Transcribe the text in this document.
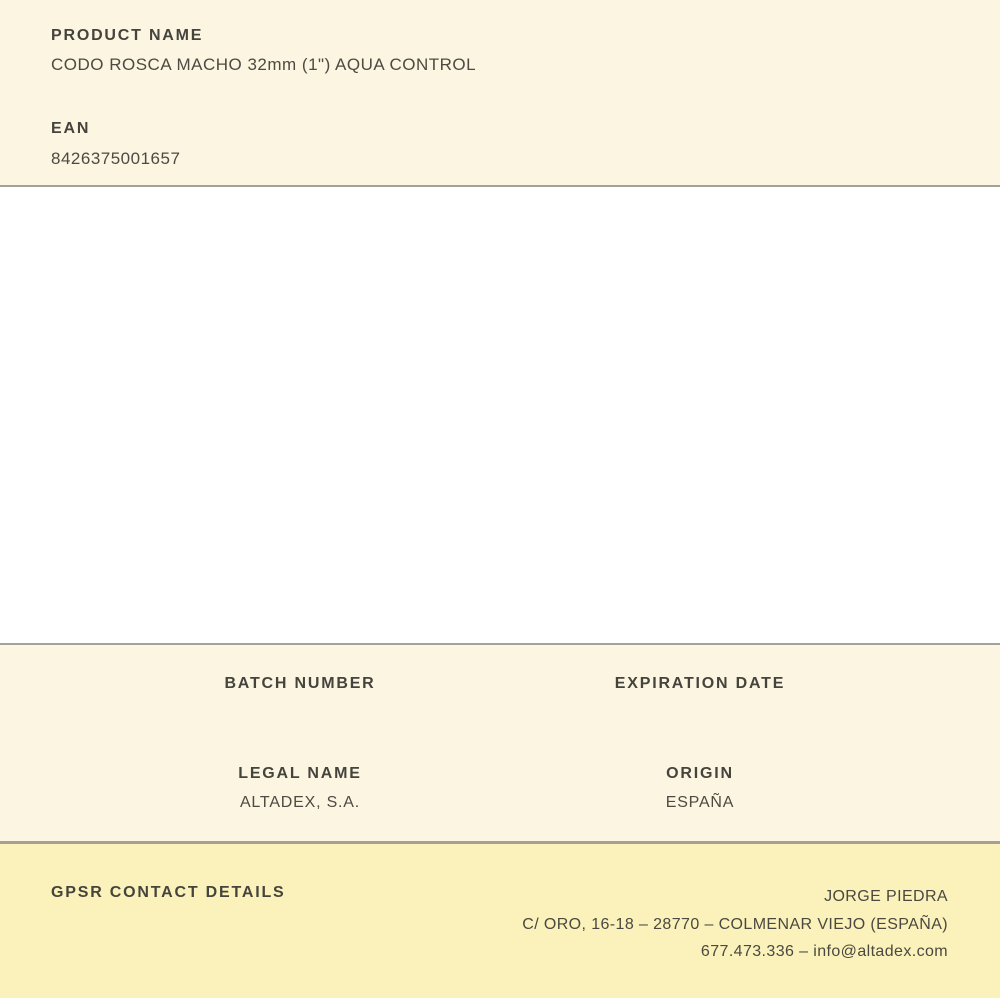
PRODUCT NAME
CODO ROSCA MACHO 32mm (1") AQUA CONTROL
EAN
8426375001657
BATCH NUMBER	EXPIRATION DATE
LEGAL NAME
ALTADEX, S.A.
ORIGIN
ESPAÑA
GPSR CONTACT DETAILS	JORGE PIEDRA
C/ ORO, 16-18 – 28770 – COLMENAR VIEJO (ESPAÑA)
677.473.336 – info@altadex.com
